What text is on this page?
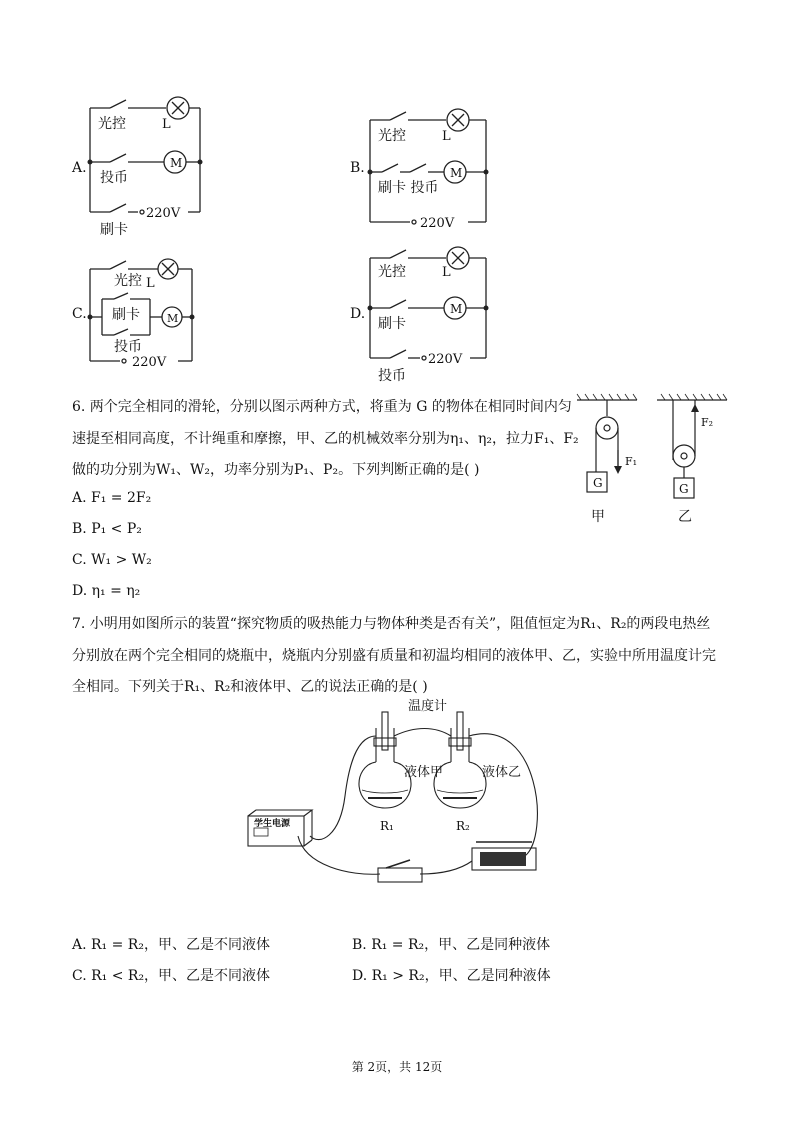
M
光控	L
投币
220V
刷卡
A.	M
光控	L
刷卡 投币
220V
B.
M
光控 L
刷卡
投币
220V
C.	M
光控	L
刷卡
220V
投币
D.
6. 两个完全相同的滑轮，分别以图示两种方式，将重为 G 的物体在相同时间内匀
速提至相同高度，不计绳重和摩擦，甲、乙的机械效率分别为η₁、η₂，拉力F₁、F₂
做的功分别为W₁、W₂，功率分别为P₁、P₂。下列判断正确的是( )
A. F₁ = 2F₂
B. P₁ < P₂
C. W₁ > W₂
D. η₁ = η₂
G	G
F₁
F₂
甲	乙
7. 小明用如图所示的装置“探究物质的吸热能力与物体种类是否有关”，阻值恒定为R₁、R₂的两段电热丝
分别放在两个完全相同的烧瓶中，烧瓶内分别盛有质量和初温均相同的液体甲、乙，实验中所用温度计完
全相同。下列关于R₁、R₂和液体甲、乙的说法正确的是( )
温度计
液体甲	液体乙
R₁	R₂
学生电源
A. R₁ = R₂，甲、乙是不同液体	B. R₁ = R₂，甲、乙是同种液体
C. R₁ < R₂，甲、乙是不同液体	D. R₁ > R₂，甲、乙是同种液体
第 2页，共 12页
